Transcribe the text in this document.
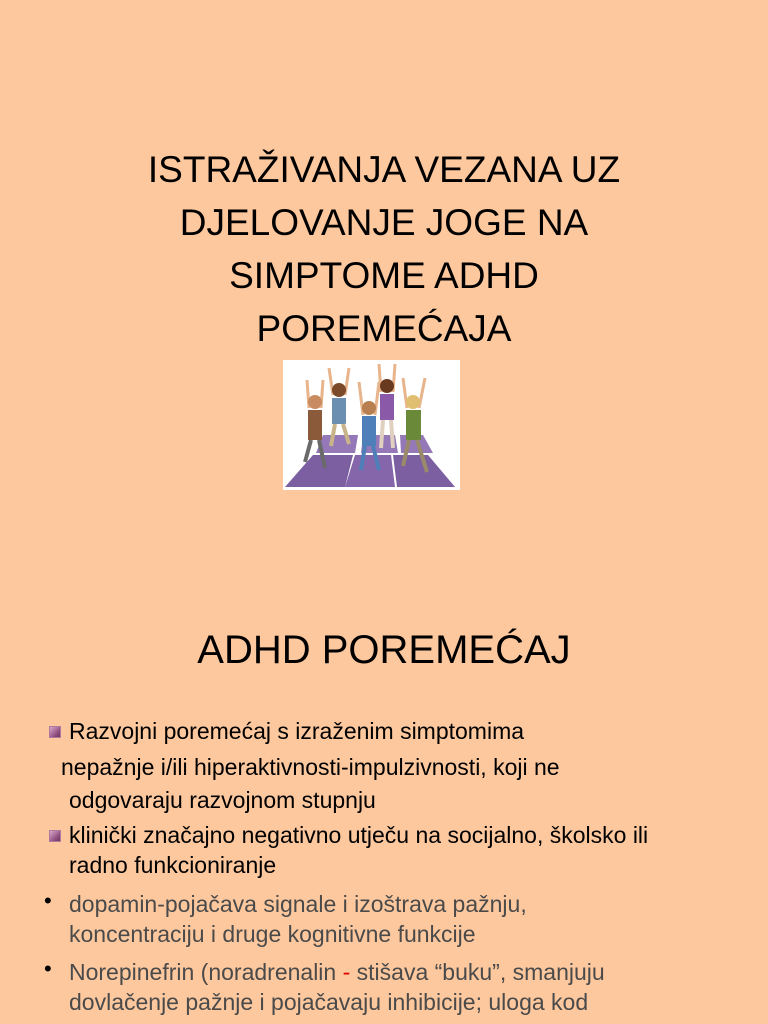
ISTRAŽIVANJA VEZANA UZ
DJELOVANJE JOGE NA
SIMPTOME ADHD
POREMEĆAJA
ADHD POREMEĆAJ
Razvojni poremećaj s izraženim simptomima
nepažnje i/ili hiperaktivnosti-impulzivnosti, koji ne
odgovaraju razvojnom stupnju
klinički značajno negativno utječu na socijalno, školsko ili
radno funkcioniranje
• dopamin-pojačava signale i izoštrava pažnju,
koncentraciju i druge kognitivne funkcije
• Norepinefrin (noradrenalin - stišava “buku”, smanjuju
dovlačenje pažnje i pojačavaju inhibicije; uloga kod
